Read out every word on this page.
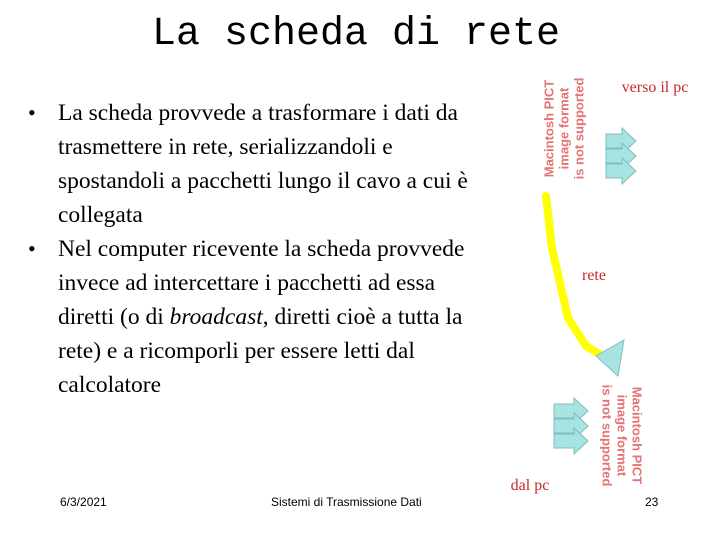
La scheda di rete
• La scheda provvede a trasformare i dati da trasmettere in rete, serializzandoli e spostandoli a pacchetti lungo il cavo a cui è collegata
• Nel computer ricevente la scheda provvede invece ad intercettare i pacchetti ad essa diretti (o di broadcast, diretti cioè a tutta la rete) e a ricomporli per essere letti dal calcolatore
Macintosh PICT image format is not supported
Macintosh PICT
image format
is not supported
verso il pc
rete
dal pc
6/3/2021	Sistemi di Trasmissione Dati	23
